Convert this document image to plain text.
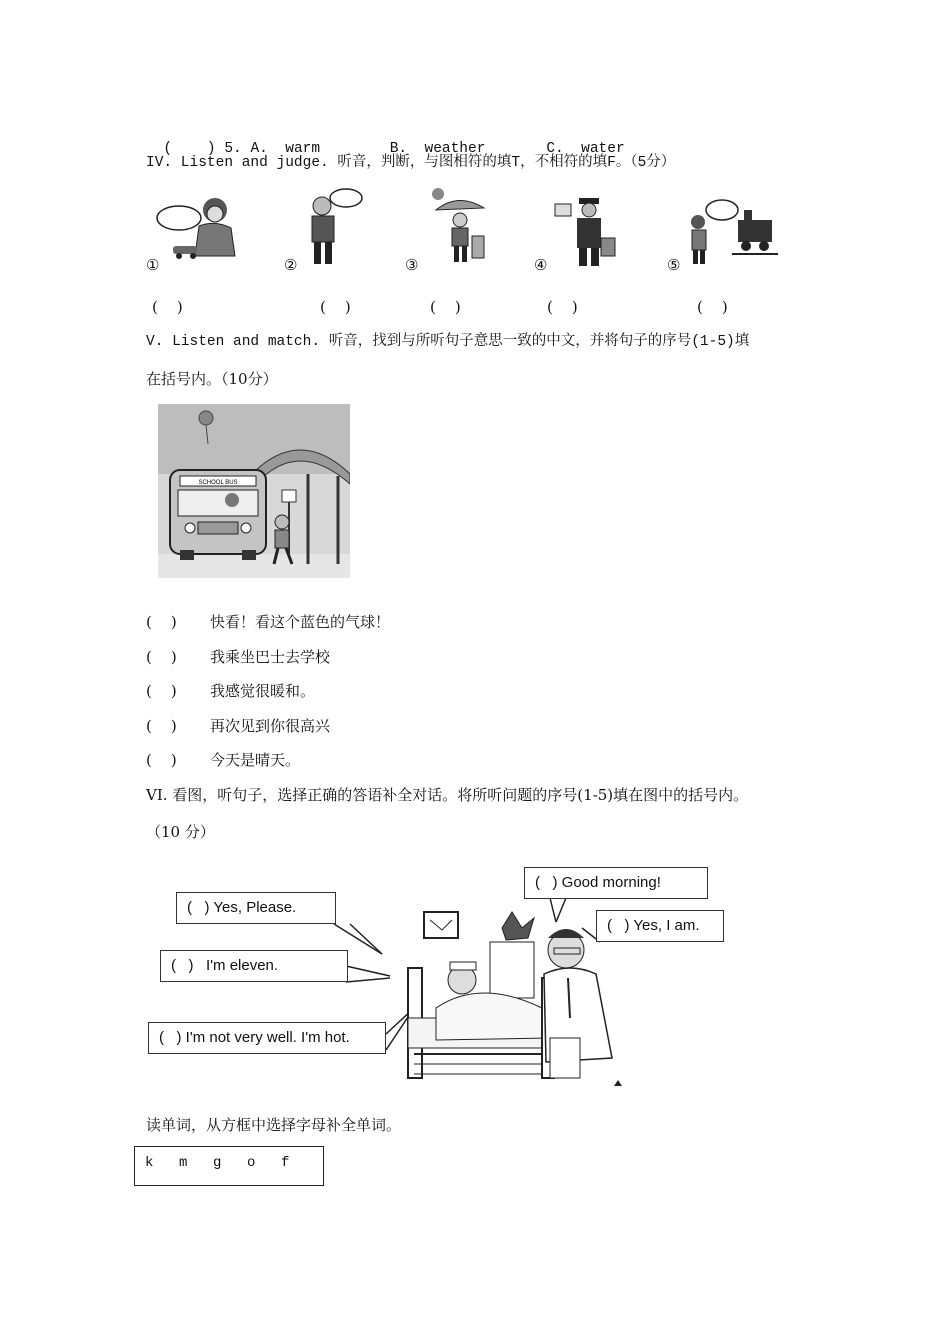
(    ) 5. A.  warm	B.  weather	C.  water

IV. Listen and judge. 听音，判断，与图相符的填T，不相符的填F。（5分）
①	②	③	④	⑤
(    )	(    )	(    )	(    )	(    )
V. Listen and match. 听音，找到与所听句子意思一致的中文，并将句子的序号(1-5)填
在括号内。（10分）
SCHOOL BUS
(    ) 快看！看这个蓝色的气球！
(    ) 我乘坐巴士去学校
(    ) 我感觉很暖和。
(    ) 再次见到你很高兴
(    ) 今天是晴天。
VI. 看图，听句子，选择正确的答语补全对话。将所听问题的序号(1-5)填在图中的括号内。
（10 分）
(   ) Yes, Please.
(   )   I'm eleven.
(   ) I'm not very well. I'm hot.
(   ) Good morning!
(   ) Yes, I am.
读单词，从方框中选择字母补全单词。
k m g o f
